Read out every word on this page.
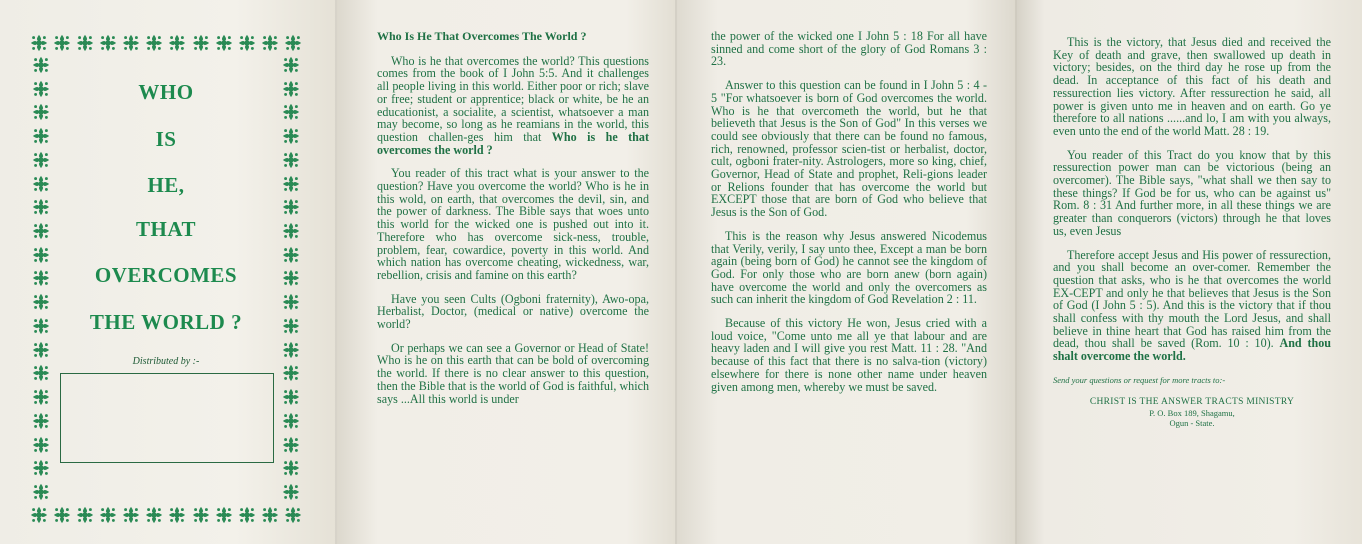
WHO
IS
HE,
THAT
OVERCOMES
THE WORLD ?
Distributed by :-
Who Is He That Overcomes The World ?

Who is he that overcomes the world? This questions comes from the book of I John 5:5. And it challenges all people living in this world. Either poor or rich; slave or free; student or apprentice; black or white, be he an educationist, a socialite, a scientist, whatsoever a man may become, so long as he reamians in the world, this question challen-ges him that Who is he that overcomes the world ?

You reader of this tract what is your answer to the question? Have you overcome the world? Who is he in this wold, on earth, that overcomes the devil, sin, and the power of darkness. The Bible says that woes unto this world for the wicked one is pushed out into it. Therefore who has overcome sick-ness, trouble, problem, fear, cowardice, poverty in this world. And which nation has overcome cheating, wickedness, war, rebellion, crisis and famine on this earth?

Have you seen Cults (Ogboni fraternity), Awo-opa, Herbalist, Doctor, (medical or native) overcome the world?

Or perhaps we can see a Governor or Head of State! Who is he on this earth that can be bold of overcoming the world. If there is no clear answer to this question, then the Bible that is the world of God is faithful, which says ...All this world is under

the power of the wicked one I John 5 : 18 For all have sinned and come short of the glory of God Romans 3 : 23.

Answer to this question can be found in I John 5 : 4 - 5 "For whatsoever is born of God overcomes the world. Who is he that overcometh the world, but he that believeth that Jesus is the Son of God" In this verses we could see obviously that there can be found no famous, rich, renowned, professor scien-tist or herbalist, doctor, cult, ogboni frater-nity. Astrologers, more so king, chief, Governor, Head of State and prophet, Reli-gions leader or Relions founder that has overcome the world but EXCEPT those that are born of God who believe that Jesus is the Son of God.

This is the reason why Jesus answered Nicodemus that Verily, verily, I say unto thee, Except a man be born again (being born of God) he cannot see the kingdom of God. For only those who are born anew (born again) have overcome the world and only the overcomers as such can inherit the kingdom of God Revelation 2 : 11.

Because of this victory He won, Jesus cried with a loud voice, "Come unto me all ye that labour and are heavy laden and I will give you rest Matt. 11 : 28. "And because of this fact that there is no salva-tion (victory) elsewhere for there is none other name under heaven given among men, whereby we must be saved.

This is the victory, that Jesus died and received the Key of death and grave, then swallowed up death in victory; besides, on the third day he rose up from the dead. In acceptance of this fact of his death and ressurection lies victory. After ressurection he said, all power is given unto me in heaven and on earth. Go ye therefore to all nations ......and lo, I am with you always, even unto the end of the world Matt. 28 : 19.

You reader of this Tract do you know that by this ressurection power man can be victorious (being an overcomer). The Bible says, "what shall we then say to these things? If God be for us, who can be against us" Rom. 8 : 31 And further more, in all these things we are greater than conquerors (victors) through he that loves us, even Jesus

Therefore accept Jesus and His power of ressurection, and you shall become an over-comer. Remember the question that asks, who is he that overcomes the world EX-CEPT and only he that believes that Jesus is the Son of God (I John 5 : 5). And this is the victory that if thou shall confess with thy mouth the Lord Jesus, and shall believe in thine heart that God has raised him from the dead, thou shall be saved (Rom. 10 : 10). And thou shalt overcome the world.

Send your questions or request for more tracts to:-

CHRIST IS THE ANSWER TRACTS MINISTRY

P. O. Box 189, Shagamu,

Ogun - State.
